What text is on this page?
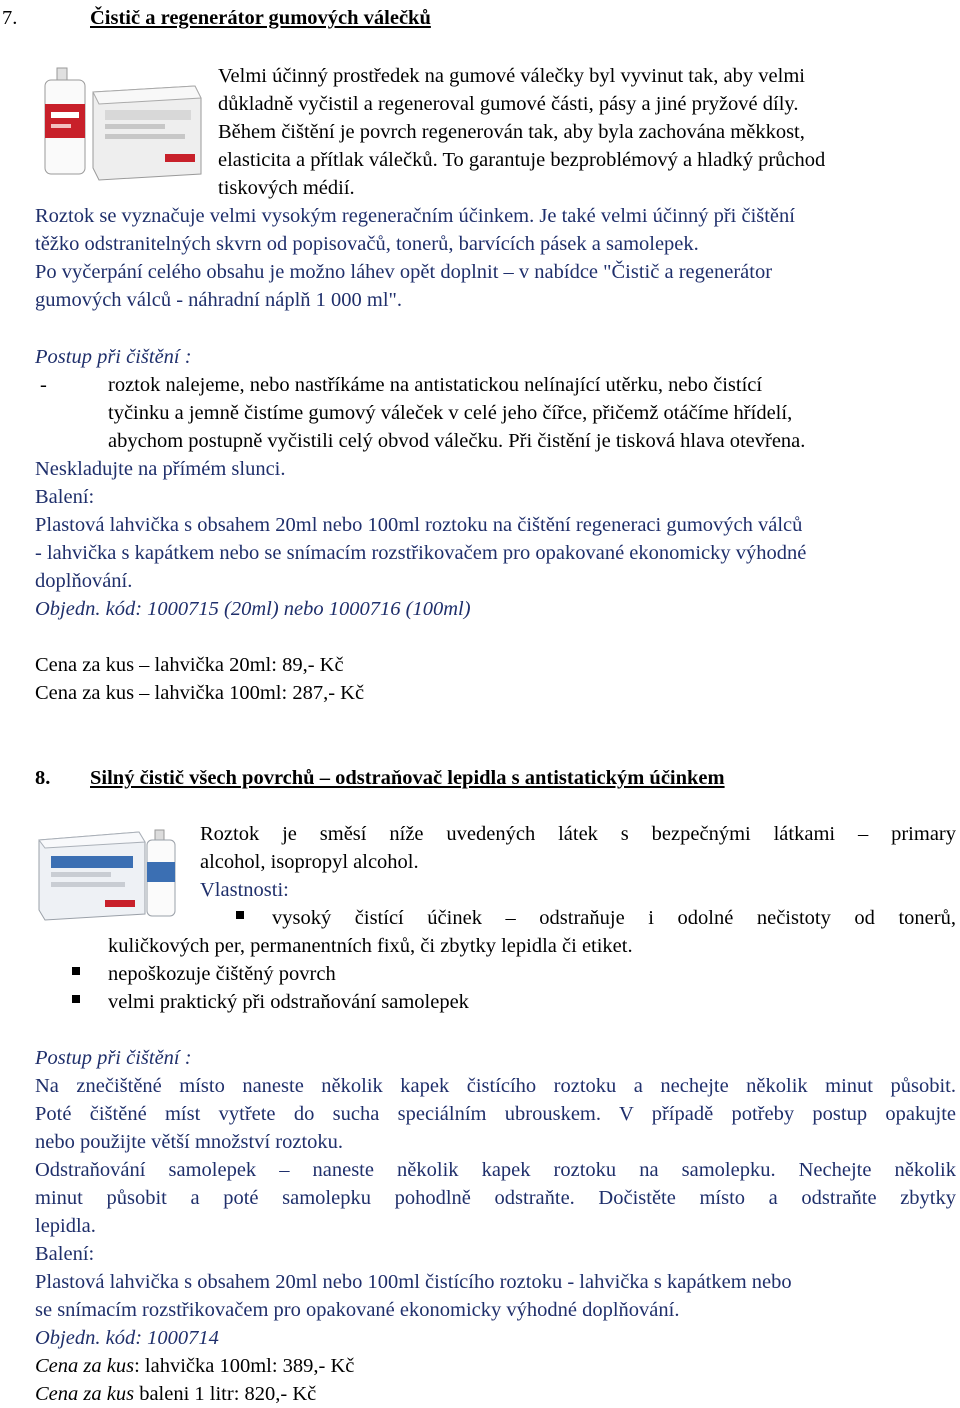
7.	Čistič a regenerátor gumových válečků
Velmi účinný prostředek na gumové válečky byl vyvinut tak, aby velmi
důkladně vyčistil a regeneroval gumové části, pásy a jiné pryžové díly.
Během čištění je povrch regenerován tak, aby byla zachována měkkost,
elasticita a přítlak válečků. To garantuje bezproblémový a hladký průchod
tiskových médií.
Roztok se vyznačuje velmi vysokým regeneračním účinkem. Je také velmi účinný při čištění
těžko odstranitelných skvrn od popisovačů, tonerů, barvících pásek a samolepek.
Po vyčerpání celého obsahu je možno láhev opět doplnit – v nabídce "Čistič a regenerátor
gumových válců - náhradní náplň 1 000 ml".
Postup při čištění :
-	roztok nalejeme, nebo nastříkáme na antistatickou nelínající utěrku, nebo čistící
tyčinku a jemně čistíme gumový váleček v celé jeho čířce, přičemž otáčíme hřídelí,
abychom postupně vyčistili celý obvod válečku. Při čistění je tisková hlava otevřena.
Neskladujte na přímém slunci.
Balení:
Plastová lahvička s obsahem 20ml nebo 100ml roztoku na čištění regeneraci gumových válců
- lahvička s kapátkem nebo se snímacím rozstřikovačem pro opakované ekonomicky výhodné
doplňování.
Objedn. kód: 1000715 (20ml) nebo 1000716 (100ml)
Cena za kus – lahvička 20ml: 89,- Kč
Cena za kus – lahvička 100ml: 287,- Kč
8. Silný čistič všech povrchů – odstraňovač lepidla s antistatickým účinkem
Roztok je směsí níže uvedených látek s bezpečnými látkami – primary
alcohol, isopropyl alcohol.
Vlastnosti:
vysoký čistící účinek – odstraňuje i odolné nečistoty od tonerů,
kuličkových per, permanentních fixů, či zbytky lepidla či etiket.
nepoškozuje čištěný povrch
velmi praktický při odstraňování samolepek
Postup při čištění :
Na znečištěné místo naneste několik kapek čistícího roztoku a nechejte několik minut působit.
Poté čištěné míst vytřete do sucha speciálním ubrouskem. V případě potřeby postup opakujte
nebo použijte větší množství roztoku.
Odstraňování samolepek – naneste několik kapek roztoku na samolepku. Nechejte několik
minut působit a poté samolepku pohodlně odstraňte. Dočistěte místo a odstraňte zbytky
lepidla.
Balení:
Plastová lahvička s obsahem 20ml nebo 100ml čistícího roztoku - lahvička s kapátkem nebo
se snímacím rozstřikovačem pro opakované ekonomicky výhodné doplňování.
Objedn. kód: 1000714
Cena za kus: lahvička 100ml: 389,- Kč
Cena za kus baleni 1 litr: 820,- Kč
